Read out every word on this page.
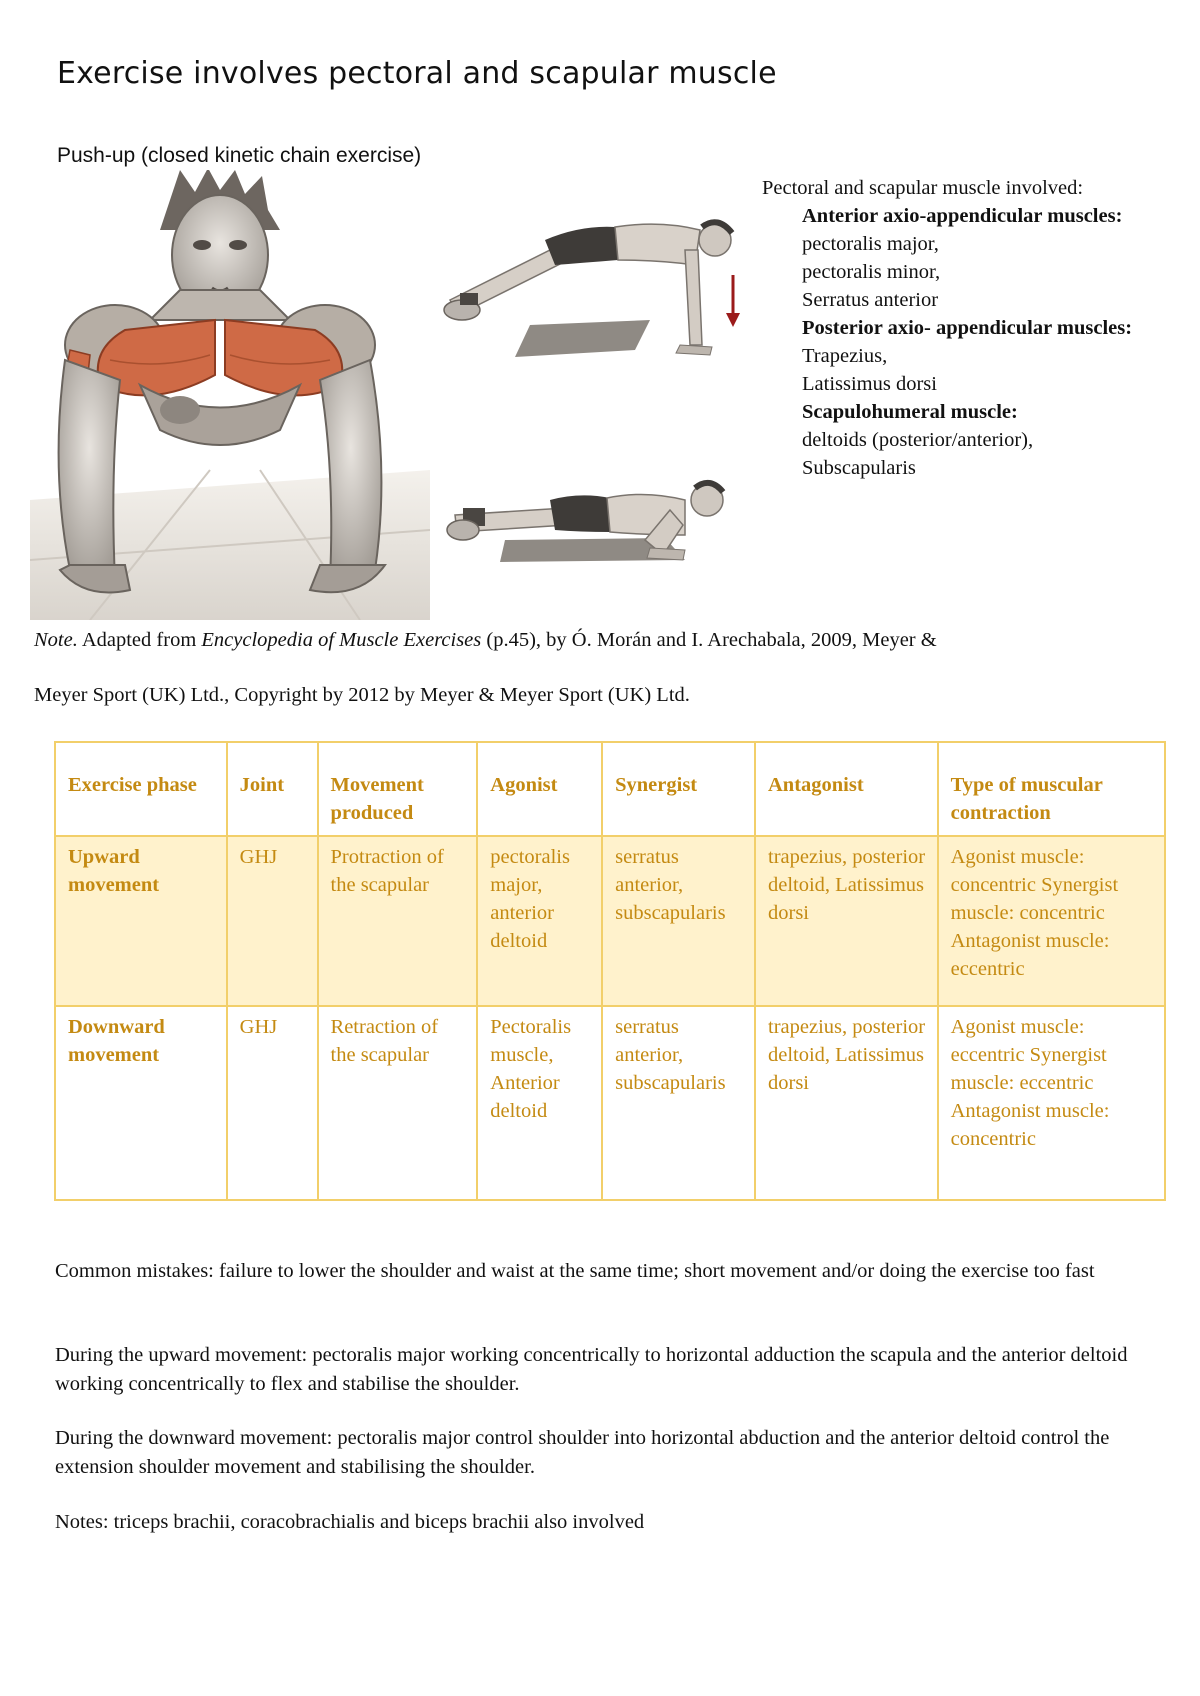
Exercise involves pectoral and scapular muscle
Push-up (closed kinetic chain exercise)
Pectoral and scapular muscle involved:
Anterior axio-appendicular muscles:
pectoralis major,
pectoralis minor,
Serratus anterior
Posterior axio- appendicular muscles:
Trapezius,
Latissimus dorsi
Scapulohumeral muscle:
deltoids (posterior/anterior),
Subscapularis
Note. Adapted from Encyclopedia of Muscle Exercises (p.45), by Ó. Morán and I. Arechabala, 2009, Meyer &
Meyer Sport (UK) Ltd., Copyright by 2012 by Meyer & Meyer Sport (UK) Ltd.
Exercise phase	Joint	Movement produced	Agonist	Synergist	Antagonist	Type of muscular contraction
Upward movement	GHJ	Protraction of the scapular	pectoralis major, anterior deltoid	serratus anterior, subscapularis	trapezius, posterior deltoid, Latissimus dorsi	Agonist muscle: concentric Synergist muscle: concentric Antagonist muscle: eccentric
Downward movement	GHJ	Retraction of the scapular	Pectoralis muscle, Anterior deltoid	serratus anterior, subscapularis	trapezius, posterior deltoid, Latissimus dorsi	Agonist muscle: eccentric Synergist muscle: eccentric Antagonist muscle: concentric
Common mistakes: failure to lower the shoulder and waist at the same time; short movement and/or doing the exercise too fast
During the upward movement: pectoralis major working concentrically to horizontal adduction the scapula and the anterior deltoid working concentrically to flex and stabilise the shoulder.
During the downward movement: pectoralis major control shoulder into horizontal abduction and the anterior deltoid control the extension shoulder movement and stabilising the shoulder.
Notes: triceps brachii, coracobrachialis and biceps brachii also involved
